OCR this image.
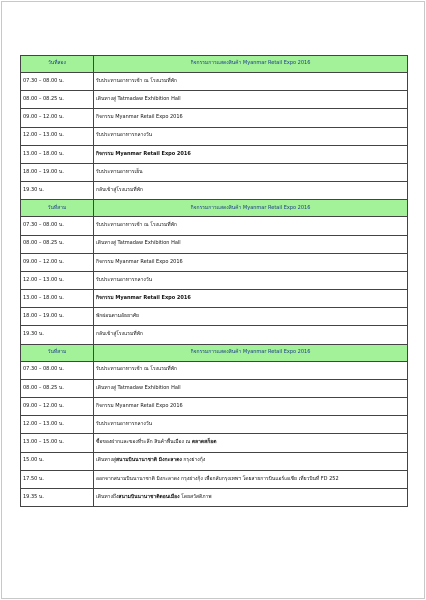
วันที่สอง	กิจกรรมการแสดงสินค้า Myanmar Retail Expo 2016
07.30 – 08.00 น.	รับประทานอาหารเช้า ณ โรงแรมที่พัก
08.00 – 08.25 น.	เดินทางสู่ Tatmadaw Exhibition Hall
09.00 – 12.00 น.	กิจกรรม Myanmar Retail Expo 2016
12.00 – 13.00 น.	รับประทานอาหารกลางวัน
13.00 – 18.00 น.	กิจกรรม Myanmar Retail Expo 2016
18.00 – 19.00 น.	รับประทานอาหารเย็น
19.30 น.	กลับเข้าสู่โรงแรมที่พัก
วันที่สาม	กิจกรรมการแสดงสินค้า Myanmar Retail Expo 2016
07.30 – 08.00 น.	รับประทานอาหารเช้า ณ โรงแรมที่พัก
08.00 – 08.25 น.	เดินทางสู่ Tatmadaw Exhibition Hall
09.00 – 12.00 น.	กิจกรรม Myanmar Retail Expo 2016
12.00 – 13.00 น.	รับประทานอาหารกลางวัน
13.00 – 18.00 น.	กิจกรรม Myanmar Retail Expo 2016
18.00 – 19.00 น.	พักผ่อนตามอัธยาศัย
19.30 น.	กลับเข้าสู่โรงแรมที่พัก
วันที่สาม	กิจกรรมการแสดงสินค้า Myanmar Retail Expo 2016
07.30 – 08.00 น.	รับประทานอาหารเช้า ณ โรงแรมที่พัก
08.00 – 08.25 น.	เดินทางสู่ Tatmadaw Exhibition Hall
09.00 – 12.00 น.	กิจกรรม Myanmar Retail Expo 2016
12.00 – 13.00 น.	รับประทานอาหารกลางวัน
13.00 – 15.00 น.	ซื้อของฝากและของที่ระลึก สินค้าพื้นเมือง ณ ตลาดสก็อต
15.00 น.	เดินทางสู่สนามบินนานาชาติ มิงกะลาดง กรุงย่างกุ้ง
17.50 น.	ออกจากสนามบินนานาชาติ มิงกะลาดง กรุงย่างกุ้ง เพื่อกลับกรุงเทพฯ โดยสายการบินแอร์เอเชีย เที่ยวบินที่ FD 252
19.35 น.	เดินทางถึงสนามบินนานาชาติดอนเมือง โดยสวัสดิภาพ
